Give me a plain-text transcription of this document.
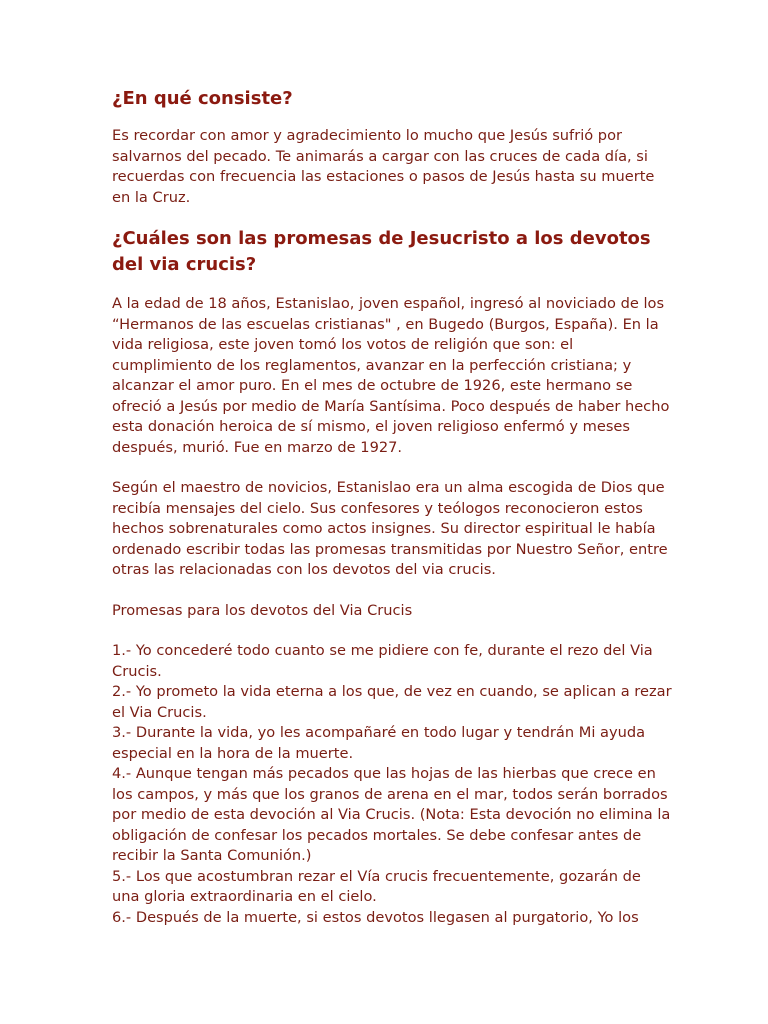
¿En qué consiste?

Es recordar con amor y agradecimiento lo mucho que Jesús sufrió por salvarnos del pecado. Te animarás a cargar con las cruces de cada día, si recuerdas con frecuencia las estaciones o pasos de Jesús hasta su muerte en la Cruz.

¿Cuáles son las promesas de Jesucristo a los devotos del via crucis?

A la edad de 18 años, Estanislao, joven español, ingresó al noviciado de los “Hermanos de las escuelas cristianas" , en Bugedo (Burgos, España). En la vida religiosa, este joven tomó los votos de religión que son: el cumplimiento de los reglamentos, avanzar en la perfección cristiana; y alcanzar el amor puro. En el mes de octubre de 1926, este hermano se ofreció a Jesús por medio de María Santísima. Poco después de haber hecho esta donación heroica de sí mismo, el joven religioso enfermó y meses después, murió. Fue en marzo de 1927.

Según el maestro de novicios, Estanislao era un alma escogida de Dios que recibía mensajes del cielo. Sus confesores y teólogos reconocieron estos hechos sobrenaturales como actos insignes. Su director espiritual le había ordenado escribir todas las promesas transmitidas por Nuestro Señor, entre otras las relacionadas con los devotos del via crucis.

Promesas para los devotos del Via Crucis

1.- Yo concederé todo cuanto se me pidiere con fe, durante el rezo del Via Crucis.

2.- Yo prometo la vida eterna a los que, de vez en cuando, se aplican a rezar el Via Crucis.

3.- Durante la vida, yo les acompañaré en todo lugar y tendrán Mi ayuda especial en la hora de la muerte.

4.- Aunque tengan más pecados que las hojas de las hierbas que crece en los campos, y más que los granos de arena en el mar, todos serán borrados por medio de esta devoción al Via Crucis. (Nota: Esta devoción no elimina la obligación de confesar los pecados mortales. Se debe confesar antes de recibir la Santa Comunión.)

5.- Los que acostumbran rezar el Vía crucis frecuentemente, gozarán de una gloria extraordinaria en el cielo.

6.- Después de la muerte, si estos devotos llegasen al purgatorio, Yo los
